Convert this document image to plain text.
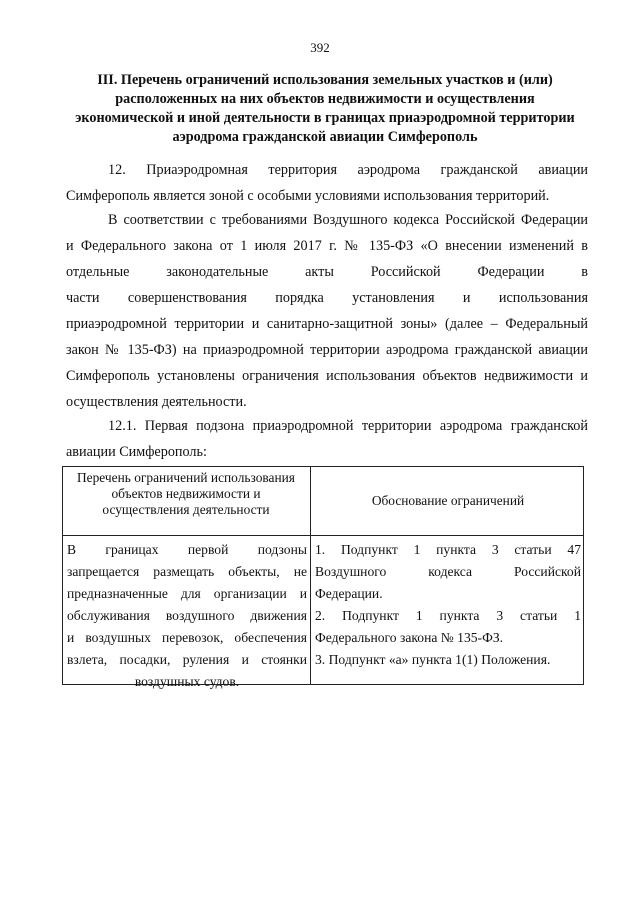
392
III. Перечень ограничений использования земельных участков и (или)
расположенных на них объектов недвижимости и осуществления
экономической и иной деятельности в границах приаэродромной территории
аэродрома гражданской авиации Симферополь
12. Приаэродромная территория аэродрома гражданской авиации
Симферополь является зоной с особыми условиями использования территорий.
В соответствии с требованиями Воздушного кодекса Российской Федерации
и Федерального закона от 1 июля 2017 г. № 135-ФЗ «О внесении изменений в
отдельные законодательные акты Российской Федерации в
части совершенствования порядка установления и использования
приаэродромной территории и санитарно-защитной зоны» (далее – Федеральный
закон № 135-ФЗ) на приаэродромной территории аэродрома гражданской авиации
Симферополь установлены ограничения использования объектов недвижимости и
осуществления деятельности.
12.1. Первая подзона приаэродромной территории аэродрома гражданской
авиации Симферополь:
Перечень ограничений использования объектов недвижимости и осуществления деятельности
Обоснование ограничений
В границах первой подзоны
запрещается размещать объекты, не
предназначенные для организации и
обслуживания воздушного движения
и воздушных перевозок, обеспечения
взлета, посадки, руления и стоянки
воздушных судов.
1. Подпункт 1 пункта 3 статьи 47
Воздушного кодекса Российской
Федерации.
2. Подпункт 1 пункта 3 статьи 1
Федерального закона № 135-ФЗ.
3. Подпункт «а» пункта 1(1) Положения.
